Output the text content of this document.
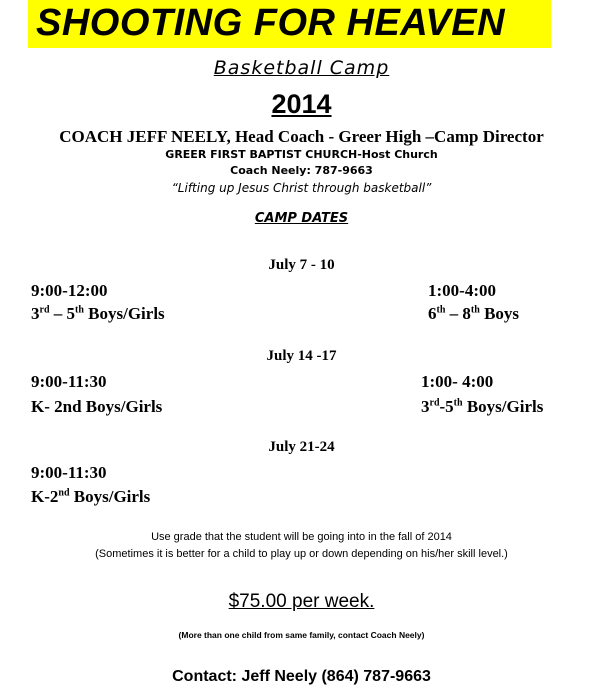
SHOOTING FOR HEAVEN
Basketball Camp
2014
COACH JEFF NEELY, Head Coach - Greer High –Camp Director
GREER FIRST BAPTIST CHURCH-Host Church
Coach Neely: 787-9663
“Lifting up Jesus Christ through basketball”
CAMP DATES
July 7 - 10
9:00-12:00
3rd – 5th Boys/Girls
1:00-4:00
6th – 8th Boys
July 14 -17
9:00-11:30
K- 2nd Boys/Girls
1:00- 4:00
3rd-5th Boys/Girls
July 21-24
9:00-11:30
K-2nd Boys/Girls
Use grade that the student will be going into in the fall of 2014
(Sometimes it is better for a child to play up or down depending on his/her skill level.)
$75.00 per week.
(More than one child from same family, contact Coach Neely)
Contact: Jeff Neely (864) 787-9663
